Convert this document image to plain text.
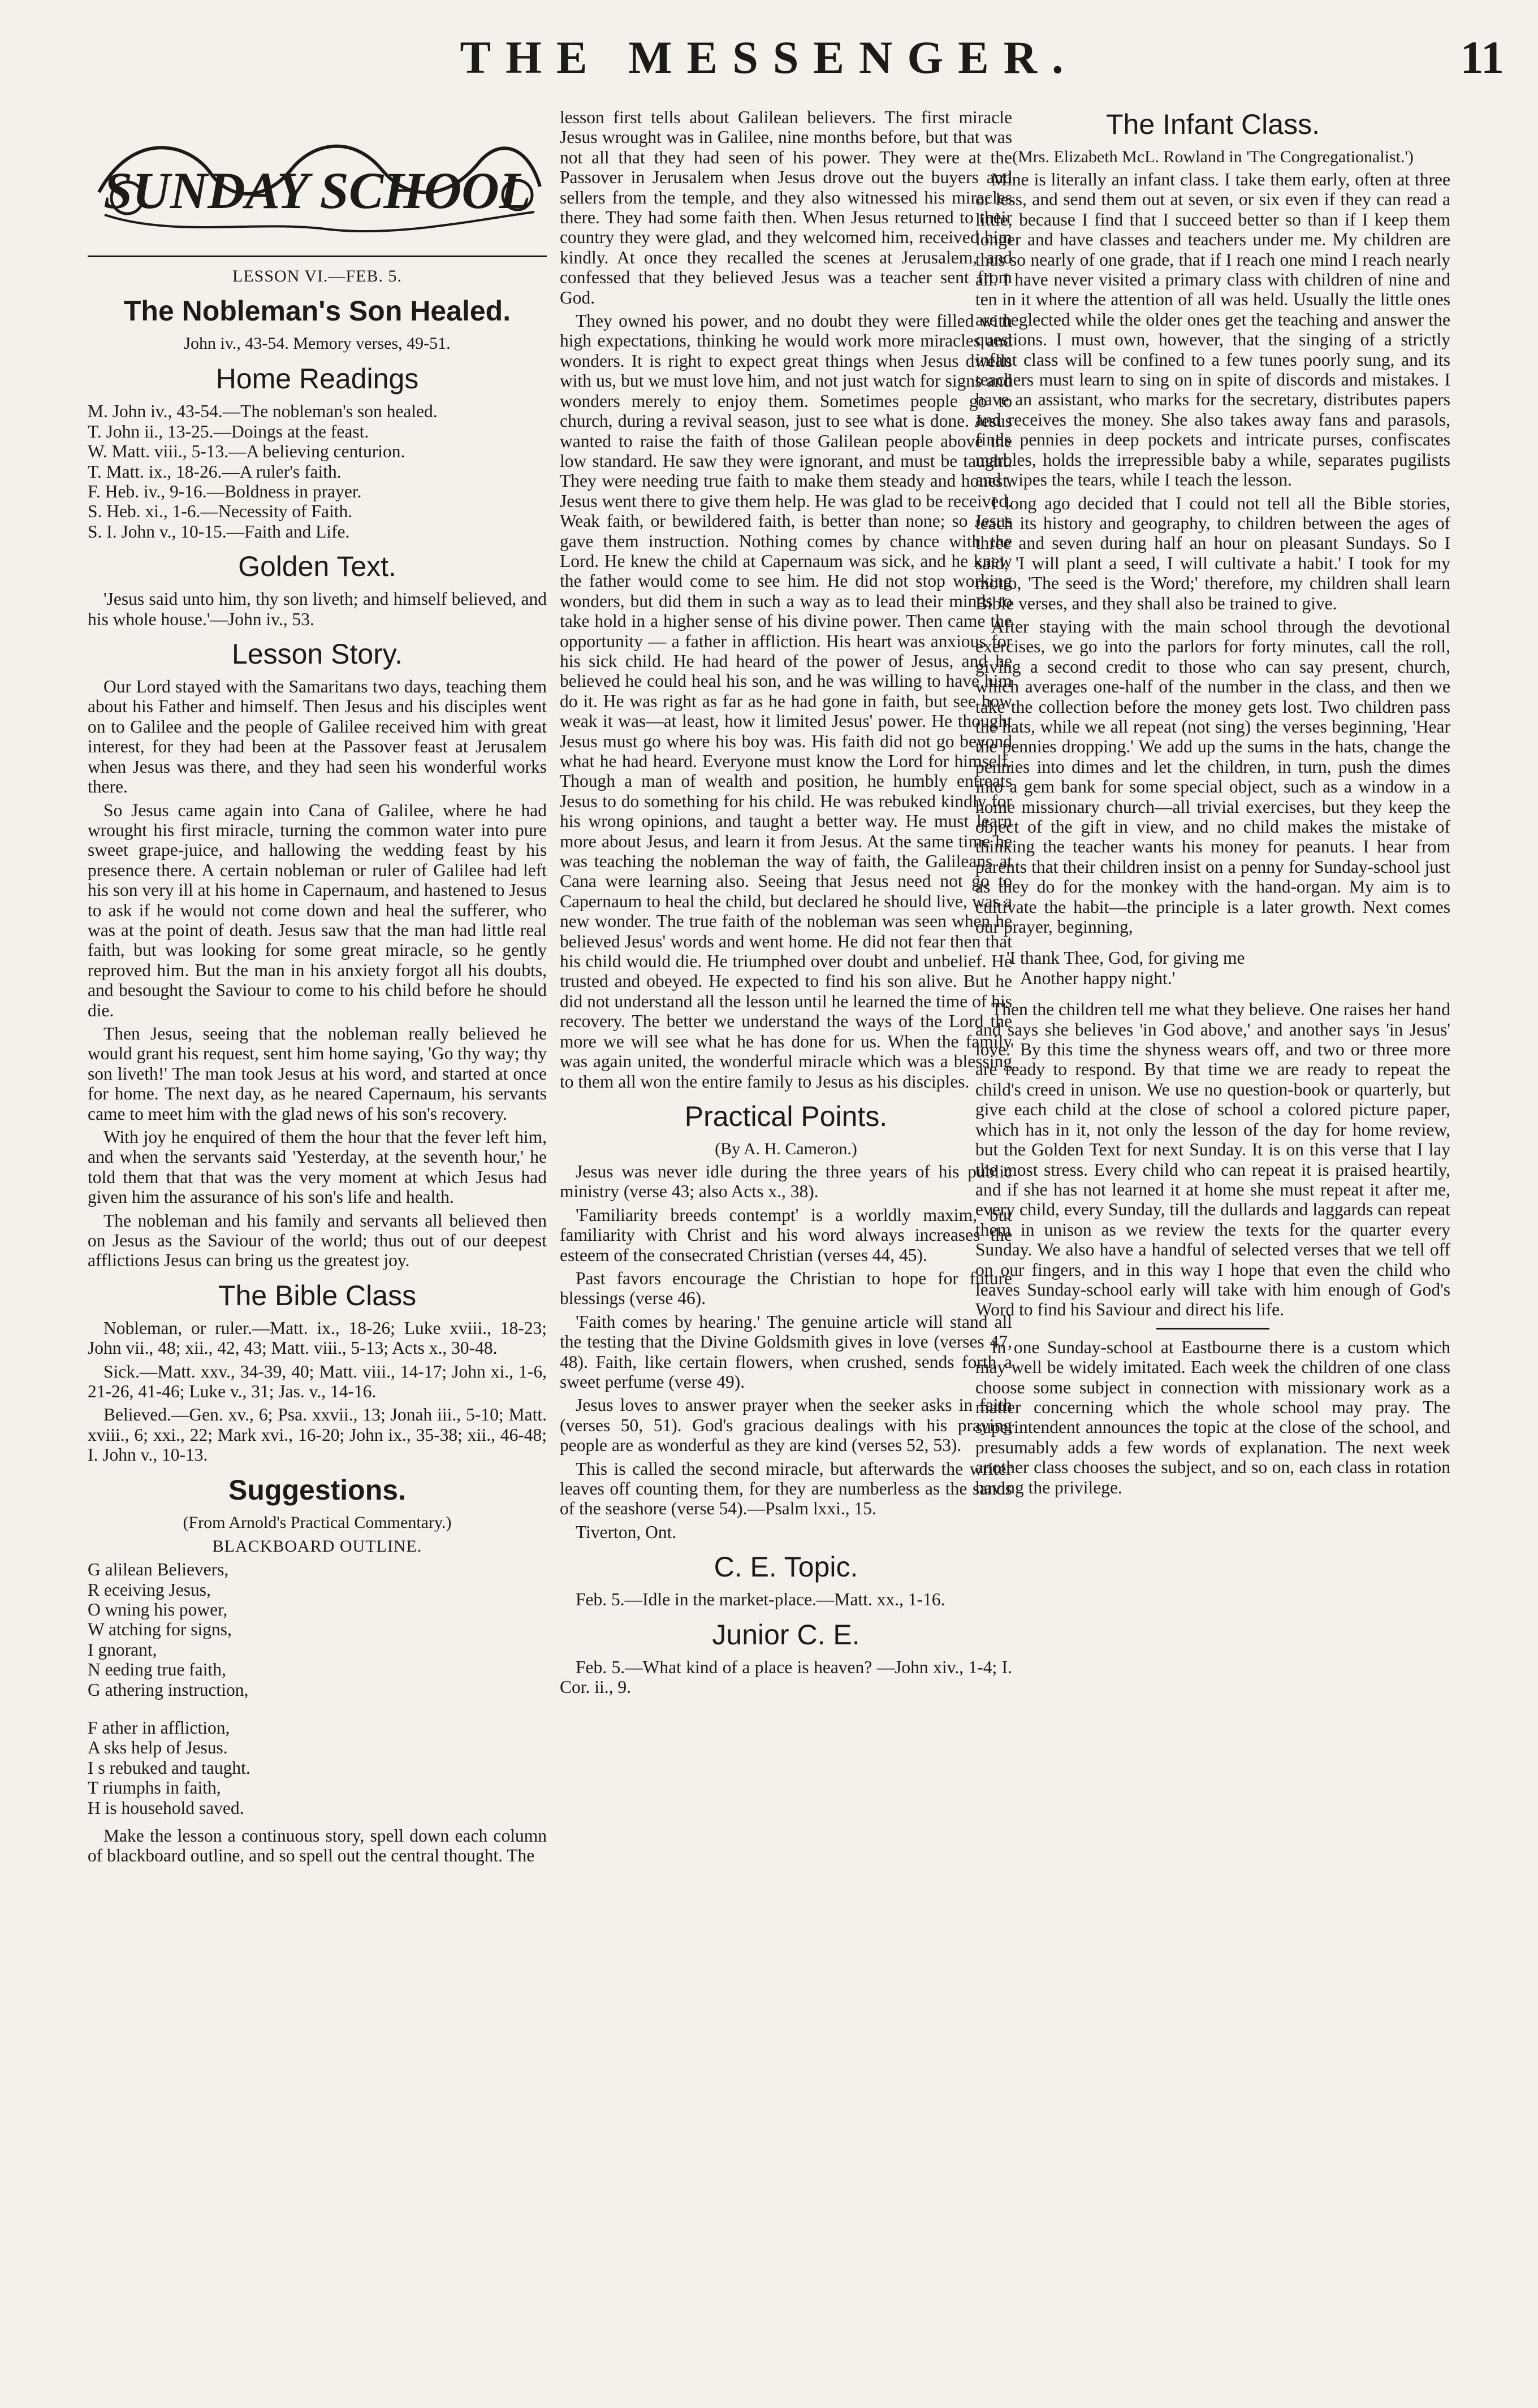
THE MESSENGER.	11
SUNDAY SCHOOL
LESSON VI.—FEB. 5.
The Nobleman's Son Healed.
John iv., 43-54. Memory verses, 49-51.
Home Readings
M. John iv., 43-54.—The nobleman's son healed.
T. John ii., 13-25.—Doings at the feast.
W. Matt. viii., 5-13.—A believing centurion.
T. Matt. ix., 18-26.—A ruler's faith.
F. Heb. iv., 9-16.—Boldness in prayer.
S. Heb. xi., 1-6.—Necessity of Faith.
S. I. John v., 10-15.—Faith and Life.
Golden Text.

'Jesus said unto him, thy son liveth; and himself believed, and his whole house.'—John iv., 53.

Lesson Story.

Our Lord stayed with the Samaritans two days, teaching them about his Father and himself. Then Jesus and his disciples went on to Galilee and the people of Galilee received him with great interest, for they had been at the Passover feast at Jerusalem when Jesus was there, and they had seen his wonderful works there.

So Jesus came again into Cana of Galilee, where he had wrought his first miracle, turning the common water into pure sweet grape-juice, and hallowing the wedding feast by his presence there. A certain nobleman or ruler of Galilee had left his son very ill at his home in Capernaum, and hastened to Jesus to ask if he would not come down and heal the sufferer, who was at the point of death. Jesus saw that the man had little real faith, but was looking for some great miracle, so he gently reproved him. But the man in his anxiety forgot all his doubts, and besought the Saviour to come to his child before he should die.

Then Jesus, seeing that the nobleman really believed he would grant his request, sent him home saying, 'Go thy way; thy son liveth!' The man took Jesus at his word, and started at once for home. The next day, as he neared Capernaum, his servants came to meet him with the glad news of his son's recovery.

With joy he enquired of them the hour that the fever left him, and when the servants said 'Yesterday, at the seventh hour,' he told them that that was the very moment at which Jesus had given him the assurance of his son's life and health.

The nobleman and his family and servants all believed then on Jesus as the Saviour of the world; thus out of our deepest afflictions Jesus can bring us the greatest joy.

The Bible Class

Nobleman, or ruler.—Matt. ix., 18-26; Luke xviii., 18-23; John vii., 48; xii., 42, 43; Matt. viii., 5-13; Acts x., 30-48.

Sick.—Matt. xxv., 34-39, 40; Matt. viii., 14-17; John xi., 1-6, 21-26, 41-46; Luke v., 31; Jas. v., 14-16.

Believed.—Gen. xv., 6; Psa. xxvii., 13; Jonah iii., 5-10; Matt. xviii., 6; xxi., 22; Mark xvi., 16-20; John ix., 35-38; xii., 46-48; I. John v., 10-13.

Suggestions.
(From Arnold's Practical Commentary.)
BLACKBOARD OUTLINE.
G alilean Believers,
R eceiving Jesus,
O wning his power,
W atching for signs,
I gnorant,
N eeding true faith,
G athering instruction,
F ather in affliction,
A sks help of Jesus.
I s rebuked and taught.
T riumphs in faith,
H is household saved.

Make the lesson a continuous story, spell down each column of blackboard outline, and so spell out the central thought. The

lesson first tells about Galilean believers. The first miracle Jesus wrought was in Galilee, nine months before, but that was not all that they had seen of his power. They were at the Passover in Jerusalem when Jesus drove out the buyers and sellers from the temple, and they also witnessed his miracles there. They had some faith then. When Jesus returned to their country they were glad, and they welcomed him, received him kindly. At once they recalled the scenes at Jerusalem, and confessed that they believed Jesus was a teacher sent from God.

They owned his power, and no doubt they were filled with high expectations, thinking he would work more miracles and wonders. It is right to expect great things when Jesus dwells with us, but we must love him, and not just watch for signs and wonders merely to enjoy them. Sometimes people go to church, during a revival season, just to see what is done. Jesus wanted to raise the faith of those Galilean people above the low standard. He saw they were ignorant, and must be taught. They were needing true faith to make them steady and honest. Jesus went there to give them help. He was glad to be received. Weak faith, or bewildered faith, is better than none; so Jesus gave them instruction. Nothing comes by chance with the Lord. He knew the child at Capernaum was sick, and he knew the father would come to see him. He did not stop working wonders, but did them in such a way as to lead their minds to take hold in a higher sense of his divine power. Then came the opportunity — a father in affliction. His heart was anxious for his sick child. He had heard of the power of Jesus, and he believed he could heal his son, and he was willing to have him do it. He was right as far as he had gone in faith, but see how weak it was—at least, how it limited Jesus' power. He thought Jesus must go where his boy was. His faith did not go beyond what he had heard. Everyone must know the Lord for himself. Though a man of wealth and position, he humbly entreats Jesus to do something for his child. He was rebuked kindly for his wrong opinions, and taught a better way. He must learn more about Jesus, and learn it from Jesus. At the same time he was teaching the nobleman the way of faith, the Galileans at Cana were learning also. Seeing that Jesus need not go to Capernaum to heal the child, but declared he should live, was a new wonder. The true faith of the nobleman was seen when he believed Jesus' words and went home. He did not fear then that his child would die. He triumphed over doubt and unbelief. He trusted and obeyed. He expected to find his son alive. But he did not understand all the lesson until he learned the time of his recovery. The better we understand the ways of the Lord the more we will see what he has done for us. When the family was again united, the wonderful miracle which was a blessing to them all won the entire family to Jesus as his disciples.

Practical Points.
(By A. H. Cameron.)

Jesus was never idle during the three years of his public ministry (verse 43; also Acts x., 38).

'Familiarity breeds contempt' is a worldly maxim, but familiarity with Christ and his word always increases the esteem of the consecrated Christian (verses 44, 45).

Past favors encourage the Christian to hope for future blessings (verse 46).

'Faith comes by hearing.' The genuine article will stand all the testing that the Divine Goldsmith gives in love (verses 47, 48). Faith, like certain flowers, when crushed, sends forth a sweet perfume (verse 49).

Jesus loves to answer prayer when the seeker asks in faith (verses 50, 51). God's gracious dealings with his praying people are as wonderful as they are kind (verses 52, 53).

This is called the second miracle, but afterwards the writer leaves off counting them, for they are numberless as the sands of the seashore (verse 54).—Psalm lxxi., 15.

Tiverton, Ont.

C. E. Topic.

Feb. 5.—Idle in the market-place.—Matt. xx., 1-16.

Junior C. E.

Feb. 5.—What kind of a place is heaven? —John xiv., 1-4; I. Cor. ii., 9.

The Infant Class.
(Mrs. Elizabeth McL. Rowland in 'The Congregationalist.')

Mine is literally an infant class. I take them early, often at three or less, and send them out at seven, or six even if they can read a little, because I find that I succeed better so than if I keep them longer and have classes and teachers under me. My children are thus so nearly of one grade, that if I reach one mind I reach nearly all. I have never visited a primary class with children of nine and ten in it where the attention of all was held. Usually the little ones are neglected while the older ones get the teaching and answer the questions. I must own, however, that the singing of a strictly infant class will be confined to a few tunes poorly sung, and its teachers must learn to sing on in spite of discords and mistakes. I have an assistant, who marks for the secretary, distributes papers and receives the money. She also takes away fans and parasols, finds pennies in deep pockets and intricate purses, confiscates marbles, holds the irrepressible baby a while, separates pugilists and wipes the tears, while I teach the lesson.

I long ago decided that I could not tell all the Bible stories, teach its history and geography, to children between the ages of three and seven during half an hour on pleasant Sundays. So I said, 'I will plant a seed, I will cultivate a habit.' I took for my motto, 'The seed is the Word;' therefore, my children shall learn Bible verses, and they shall also be trained to give.

After staying with the main school through the devotional exercises, we go into the parlors for forty minutes, call the roll, giving a second credit to those who can say present, church, which averages one-half of the number in the class, and then we take the collection before the money gets lost. Two children pass the hats, while we all repeat (not sing) the verses beginning, 'Hear the pennies dropping.' We add up the sums in the hats, change the pennies into dimes and let the children, in turn, push the dimes into a gem bank for some special object, such as a window in a home missionary church—all trivial exercises, but they keep the object of the gift in view, and no child makes the mistake of thinking the teacher wants his money for peanuts. I hear from parents that their children insist on a penny for Sunday-school just as they do for the monkey with the hand-organ. My aim is to cultivate the habit—the principle is a later growth. Next comes our prayer, beginning,

'I thank Thee, God, for giving me
Another happy night.'

Then the children tell me what they believe. One raises her hand and says she believes 'in God above,' and another says 'in Jesus' love.' By this time the shyness wears off, and two or three more are ready to respond. By that time we are ready to repeat the child's creed in unison. We use no question-book or quarterly, but give each child at the close of school a colored picture paper, which has in it, not only the lesson of the day for home review, but the Golden Text for next Sunday. It is on this verse that I lay the most stress. Every child who can repeat it is praised heartily, and if she has not learned it at home she must repeat it after me, every child, every Sunday, till the dullards and laggards can repeat them in unison as we review the texts for the quarter every Sunday. We also have a handful of selected verses that we tell off on our fingers, and in this way I hope that even the child who leaves Sunday-school early will take with him enough of God's Word to find his Saviour and direct his life.

In one Sunday-school at Eastbourne there is a custom which may well be widely imitated. Each week the children of one class choose some subject in connection with missionary work as a matter concerning which the whole school may pray. The superintendent announces the topic at the close of the school, and presumably adds a few words of explanation. The next week another class chooses the subject, and so on, each class in rotation having the privilege.
